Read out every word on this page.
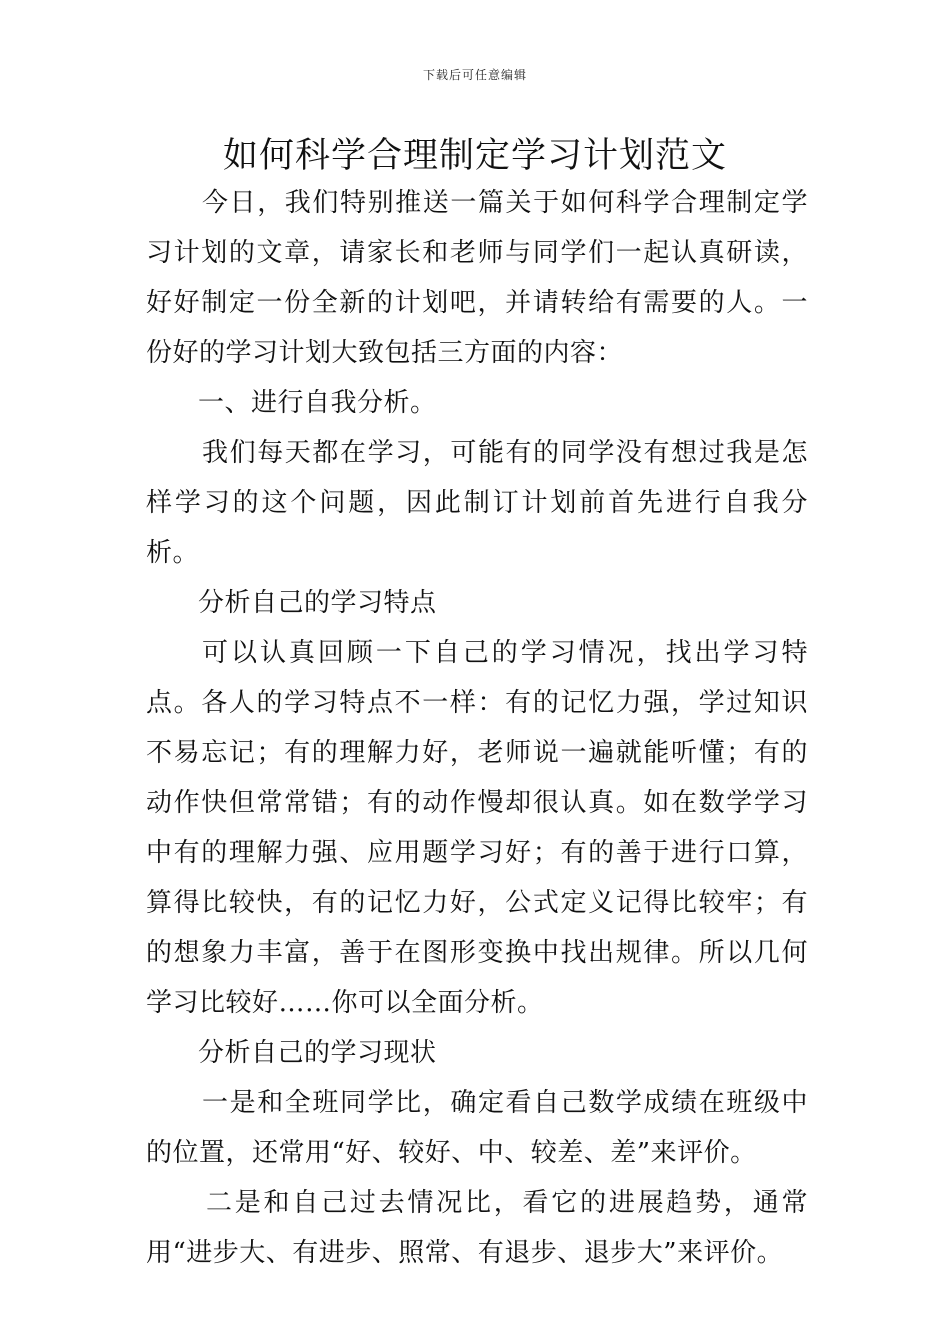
下载后可任意编辑
如何科学合理制定学习计划范文

今日，我们特别推送一篇关于如何科学合理制定学习计划的文章，请家长和老师与同学们一起认真研读，好好制定一份全新的计划吧，并请转给有需要的人。一份好的学习计划大致包括三方面的内容：

一、进行自我分析。

我们每天都在学习，可能有的同学没有想过我是怎样学习的这个问题，因此制订计划前首先进行自我分析。

分析自己的学习特点

可以认真回顾一下自己的学习情况，找出学习特点。各人的学习特点不一样：有的记忆力强，学过知识不易忘记；有的理解力好，老师说一遍就能听懂；有的动作快但常常错；有的动作慢却很认真。如在数学学习中有的理解力强、应用题学习好；有的善于进行口算，算得比较快，有的记忆力好，公式定义记得比较牢；有的想象力丰富，善于在图形变换中找出规律。所以几何学习比较好……你可以全面分析。

分析自己的学习现状

一是和全班同学比，确定看自己数学成绩在班级中的位置，还常用“好、较好、中、较差、差”来评价。

二是和自己过去情况比，看它的进展趋势，通常用“进步大、有进步、照常、有退步、退步大”来评价。
